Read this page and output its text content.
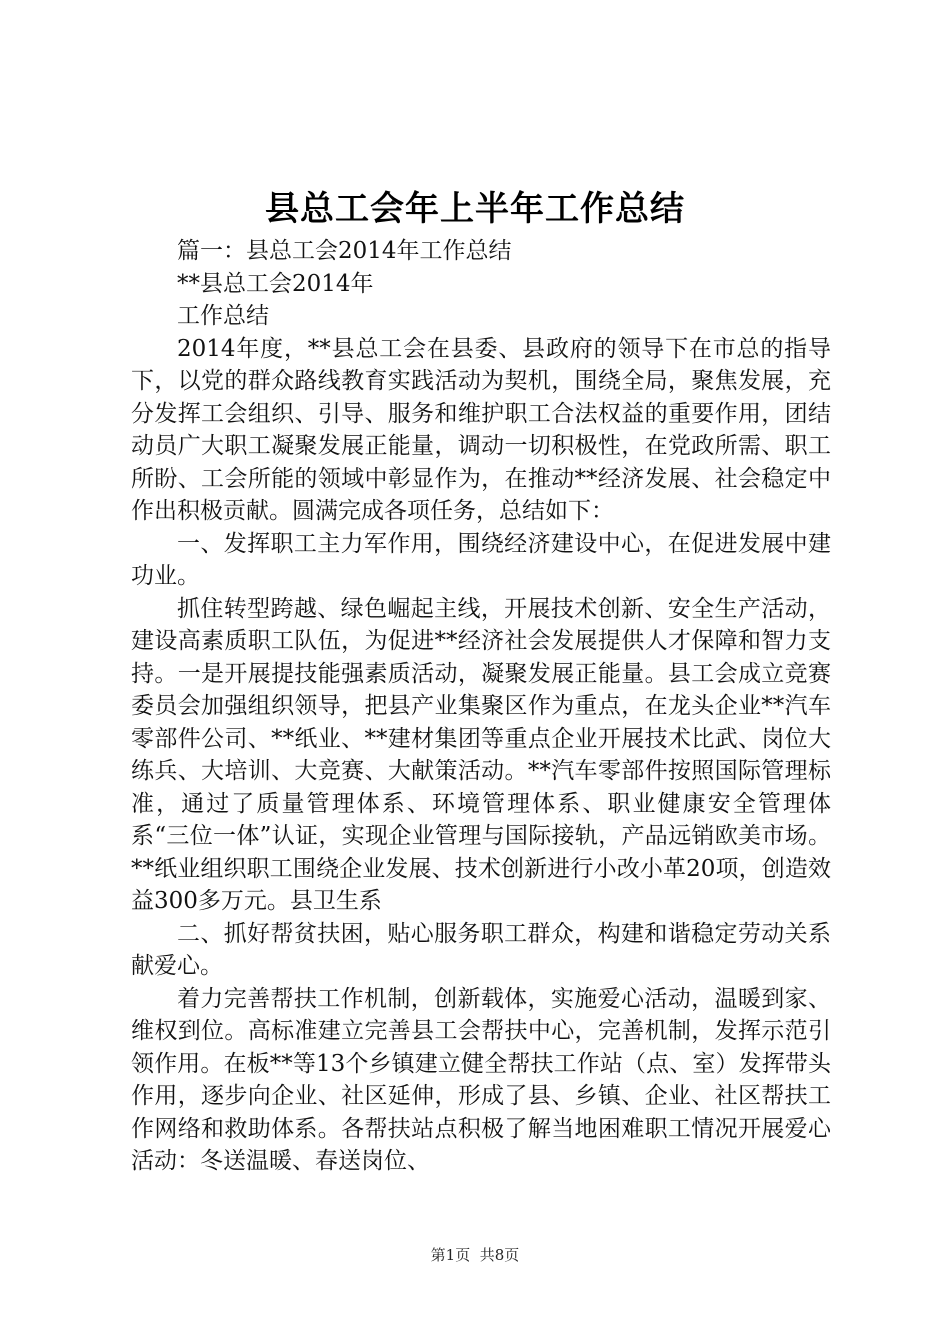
县总工会年上半年工作总结

篇一：县总工会2014年工作总结

**县总工会2014年

工作总结

2014年度，**县总工会在县委、县政府的领导下在市总的指导下，以党的群众路线教育实践活动为契机，围绕全局，聚焦发展，充分发挥工会组织、引导、服务和维护职工合法权益的重要作用，团结动员广大职工凝聚发展正能量，调动一切积极性，在党政所需、职工所盼、工会所能的领域中彰显作为，在推动**经济发展、社会稳定中作出积极贡献。圆满完成各项任务，总结如下：

一、发挥职工主力军作用，围绕经济建设中心，在促进发展中建功业。

抓住转型跨越、绿色崛起主线，开展技术创新、安全生产活动，建设高素质职工队伍，为促进**经济社会发展提供人才保障和智力支持。一是开展提技能强素质活动，凝聚发展正能量。县工会成立竞赛委员会加强组织领导，把县产业集聚区作为重点，在龙头企业**汽车零部件公司、**纸业、**建材集团等重点企业开展技术比武、岗位大练兵、大培训、大竞赛、大献策活动。**汽车零部件按照国际管理标准，通过了质量管理体系、环境管理体系、职业健康安全管理体系“三位一体”认证，实现企业管理与国际接轨，产品远销欧美市场。**纸业组织职工围绕企业发展、技术创新进行小改小革20项，创造效益300多万元。县卫生系

二、抓好帮贫扶困，贴心服务职工群众，构建和谐稳定劳动关系献爱心。

着力完善帮扶工作机制，创新载体，实施爱心活动，温暖到家、维权到位。高标准建立完善县工会帮扶中心，完善机制，发挥示范引领作用。在板**等13个乡镇建立健全帮扶工作站（点、室）发挥带头作用，逐步向企业、社区延伸，形成了县、乡镇、企业、社区帮扶工作网络和救助体系。各帮扶站点积极了解当地困难职工情况开展爱心活动：冬送温暖、春送岗位、

第1页 共8页
